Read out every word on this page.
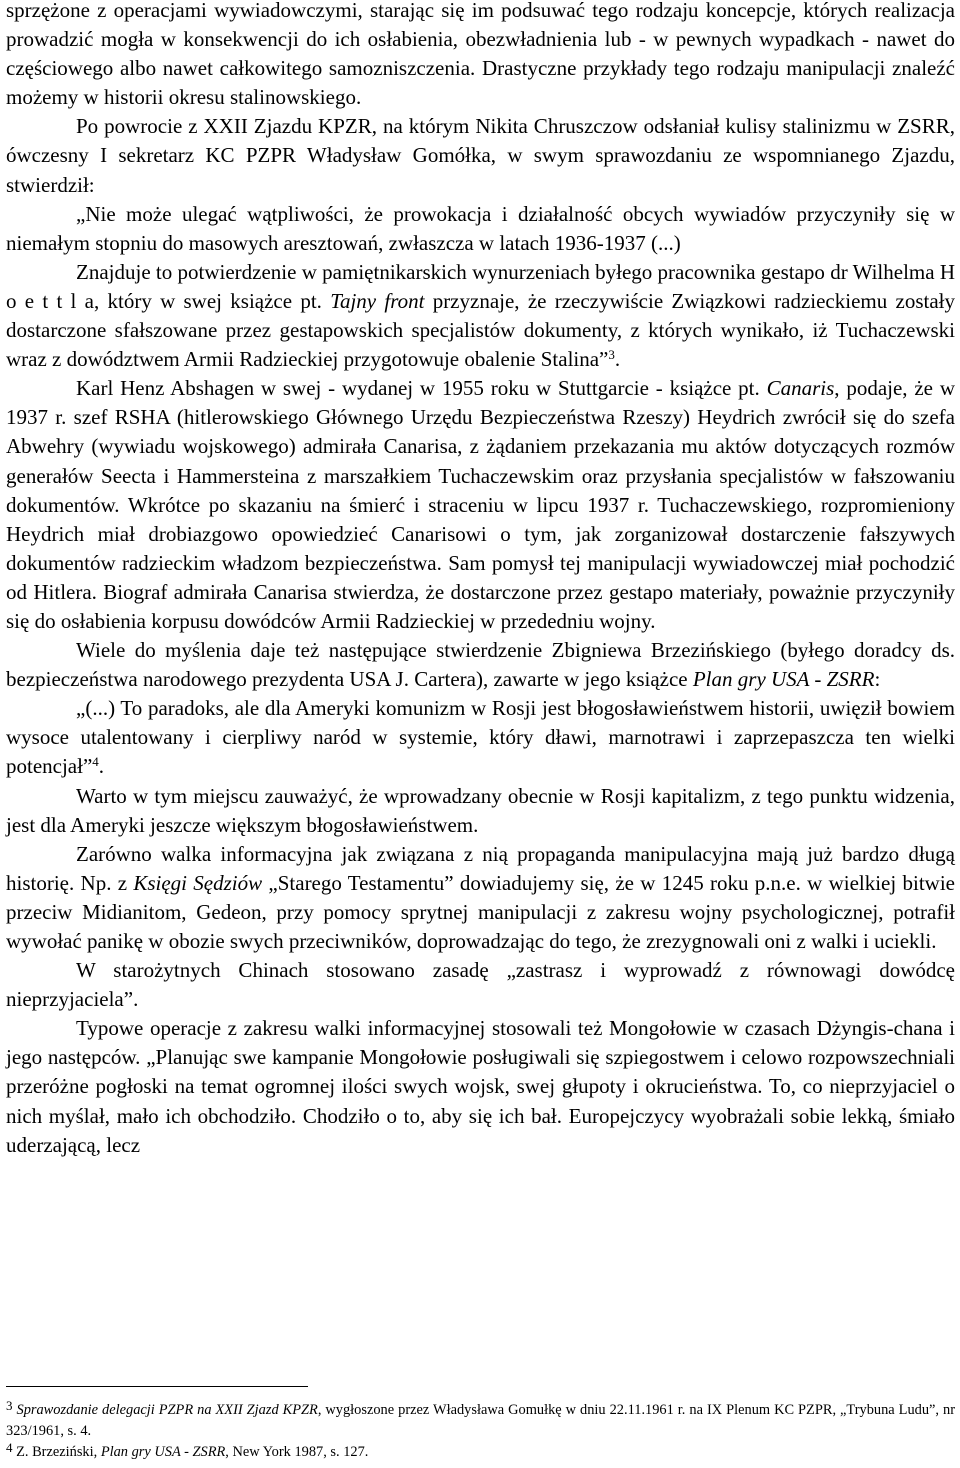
sprzężone z operacjami wywiadowczymi, starając się im podsuwać tego rodzaju koncepcje, których realizacja prowadzić mogła w konsekwencji do ich osłabienia, obezwładnienia lub - w pewnych wypadkach - nawet do częściowego albo nawet całkowitego samozniszczenia. Drastyczne przykłady tego rodzaju manipulacji znaleźć możemy w historii okresu stalinowskiego.

Po powrocie z XXII Zjazdu KPZR, na którym Nikita Chruszczow odsłaniał kulisy stalinizmu w ZSRR, ówczesny I sekretarz KC PZPR Władysław Gomółka, w swym sprawozdaniu ze wspomnianego Zjazdu, stwierdził:

„Nie może ulegać wątpliwości, że prowokacja i działalność obcych wywiadów przyczyniły się w niemałym stopniu do masowych aresztowań, zwłaszcza w latach 1936-1937 (...)

Znajduje to potwierdzenie w pamiętnikarskich wynurzeniach byłego pracownika gestapo dr Wilhelma H o e t t l a, który w swej książce pt. Tajny front przyznaje, że rzeczywiście Związkowi radzieckiemu zostały dostarczone sfałszowane przez gestapowskich specjalistów dokumenty, z których wynikało, iż Tuchaczewski wraz z dowództwem Armii Radzieckiej przygotowuje obalenie Stalina”$^3$.

Karl Henz Abshagen w swej - wydanej w 1955 roku w Stuttgarcie - książce pt. Canaris, podaje, że w 1937 r. szef RSHA (hitlerowskiego Głównego Urzędu Bezpieczeństwa Rzeszy) Heydrich zwrócił się do szefa Abwehry (wywiadu wojskowego) admirała Canarisa, z żądaniem przekazania mu aktów dotyczących rozmów generałów Seecta i Hammersteina z marszałkiem Tuchaczewskim oraz przysłania specjalistów w fałszowaniu dokumentów. Wkrótce po skazaniu na śmierć i straceniu w lipcu 1937 r. Tuchaczewskiego, rozpromieniony Heydrich miał drobiazgowo opowiedzieć Canarisowi o tym, jak zorganizował dostarczenie fałszywych dokumentów radzieckim władzom bezpieczeństwa. Sam pomysł tej manipulacji wywiadowczej miał pochodzić od Hitlera. Biograf admirała Canarisa stwierdza, że dostarczone przez gestapo materiały, poważnie przyczyniły się do osłabienia korpusu dowódców Armii Radzieckiej w przededniu wojny.

Wiele do myślenia daje też następujące stwierdzenie Zbigniewa Brzezińskiego (byłego doradcy ds. bezpieczeństwa narodowego prezydenta USA J. Cartera), zawarte w jego książce Plan gry USA - ZSRR:

„(...) To paradoks, ale dla Ameryki komunizm w Rosji jest błogosławieństwem historii, uwięził bowiem wysoce utalentowany i cierpliwy naród w systemie, który dławi, marnotrawi i zaprzepaszcza ten wielki potencjał”$^4$.

Warto w tym miejscu zauważyć, że wprowadzany obecnie w Rosji kapitalizm, z tego punktu widzenia, jest dla Ameryki jeszcze większym błogosławieństwem.

Zarówno walka informacyjna jak związana z nią propaganda manipulacyjna mają już bardzo długą historię. Np. z Księgi Sędziów „Starego Testamentu” dowiadujemy się, że w 1245 roku p.n.e. w wielkiej bitwie przeciw Midianitom, Gedeon, przy pomocy sprytnej manipulacji z zakresu wojny psychologicznej, potrafił wywołać panikę w obozie swych przeciwników, doprowadzając do tego, że zrezygnowali oni z walki i uciekli.

W starożytnych Chinach stosowano zasadę „zastrasz i wyprowadź z równowagi dowódcę nieprzyjaciela”.

Typowe operacje z zakresu walki informacyjnej stosowali też Mongołowie w czasach Dżyngis-chana i jego następców. „Planując swe kampanie Mongołowie posługiwali się szpiegostwem i celowo rozpowszechniali przeróżne pogłoski na temat ogromnej ilości swych wojsk, swej głupoty i okrucieństwa. To, co nieprzyjaciel o nich myślał, mało ich obchodziło. Chodziło o to, aby się ich bał. Europejczycy wyobrażali sobie lekką, śmiało uderzającą, lecz

3 Sprawozdanie delegacji PZPR na XXII Zjazd KPZR, wygłoszone przez Władysława Gomułkę w dniu 22.11.1961 r. na IX Plenum KC PZPR, „Trybuna Ludu”, nr 323/1961, s. 4.

4 Z. Brzeziński, Plan gry USA - ZSRR, New York 1987, s. 127.
